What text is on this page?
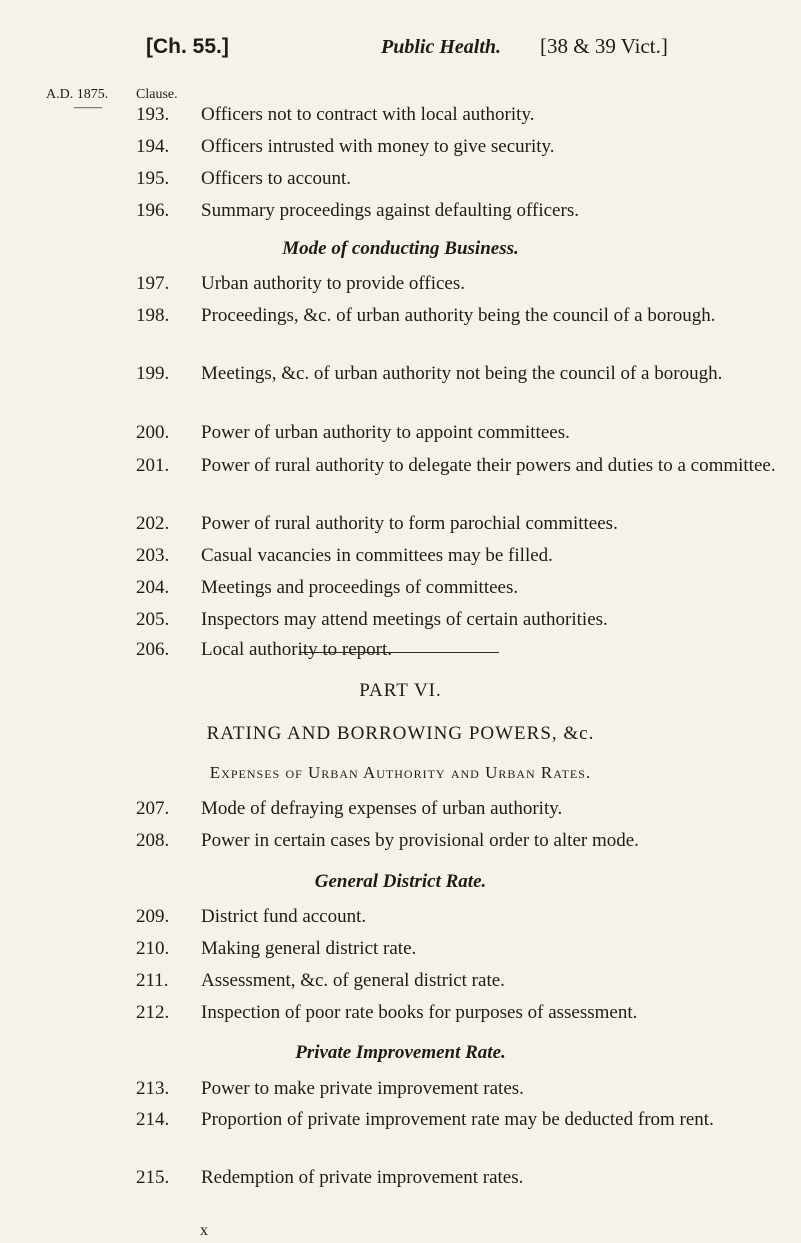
[Ch. 55.]	Public Health. [38 & 39 Vict.]
A.D. 1875.
——
Clause.
193.	Officers not to contract with local authority.
194.	Officers intrusted with money to give security.
195.	Officers to account.
196.	Summary proceedings against defaulting officers.
Mode of conducting Business.
197.	Urban authority to provide offices.
198.	Proceedings, &c. of urban authority being the council of a borough.
199.	Meetings, &c. of urban authority not being the council of a borough.
200.	Power of urban authority to appoint committees.
201.	Power of rural authority to delegate their powers and duties to a committee.
202.	Power of rural authority to form parochial committees.
203.	Casual vacancies in committees may be filled.
204.	Meetings and proceedings of committees.
205.	Inspectors may attend meetings of certain authorities.
206.	Local authority to report.
PART VI.
RATING AND BORROWING POWERS, &c.
Expenses of Urban Authority and Urban Rates.
207.	Mode of defraying expenses of urban authority.
208.	Power in certain cases by provisional order to alter mode.
General District Rate.
209.	District fund account.
210.	Making general district rate.
211.	Assessment, &c. of general district rate.
212.	Inspection of poor rate books for purposes of assessment.
Private Improvement Rate.
213.	Power to make private improvement rates.
214.	Proportion of private improvement rate may be deducted from rent.
215.	Redemption of private improvement rates.
x
